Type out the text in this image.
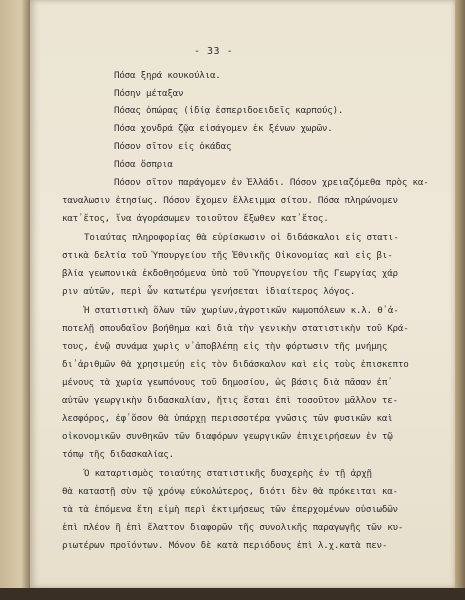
- 33 -

Πόσα ξηρά κουκούλια.

Πόσην μέταξαν

Πόσας ὀπώρας (ἰδίᾳ ἐσπεριδοειδεῖς καρπούς).

Πόσα χονδρά ζῷα εἰσάγομεν ἐκ ξένων χωρῶν.

Πόσον σῖτον εἰς ὀκάδας

Πόσα ὄσπρια

Πόσον σῖτον παράγομεν ἐν Ἑλλάδι. Πόσον χρειαζόμεθα πρὸς κα-

ταναλωσιν ἐτησίως. Πόσον ἔχομεν ἔλλειμμα σίτου. Πόσα πληρώνομεν

κατ᾽ἔτος, ἵνα ἀγοράσωμεν τοιοῦτον ἔξωθεν κατ᾽ἔτος.

Τοιαύτας πληροφορίας θὰ εὑρίσκωσιν οἱ διδάσκαλοι εἰς στατι-

στικὰ δελτία τοῦ Ὑπουργείου τῆς Ἐθνικῆς Οἰκονομίας καὶ εἰς βι-

βλία γεωπονικὰ ἐκδοθησόμενα ὑπὸ τοῦ Ὑπουργείου τῆς Γεωργίας χάρ

ριν αὐτῶν, περὶ ὧν κατωτέρω γενήσεται ἰδιαίτερος λόγος.

Ἡ στατιστικὴ ὅλων τῶν χωρίων,ἀγροτικῶν κωμοπόλεων κ.λ. θ᾽ἀ-

ποτελῇ σπουδαῖον βοήθημα καὶ διὰ τὴν γενικὴν στατιστικὴν τοῦ Κρά-

τους, ἐνῷ συνάμα χωρὶς ν᾽ἀποβλέπῃ εἰς τὴν φόρτωσιν τῆς μνήμης

δι᾽ἀριθμῶν θὰ χρησιμεύῃ εἰς τὸν διδάσκαλον καὶ εἰς τοὺς ἐπισκεπτο

μένους τὰ χωρία γεωπόνους τοῦ δημοσίου, ὡς βάσις διὰ πᾶσαν ἐπ᾽

αὐτῶν γεωργικὴν διδασκαλίαν, ἥτις ἔσται ἐπὶ τοσοῦτον μᾶλλον τε-

λεσφόρος, ἐφ᾽ὅσον θὰ ὑπάρχῃ περισσοτέρα γνῶσις τῶν φυσικῶν καὶ

οἰκονομικῶν συνθηκῶν τῶν διαφόρων γεωργικῶν ἐπιχειρήσεων ἐν τῷ

τόπῳ τῆς διδασκαλίας.

Ὁ καταρτισμὸς τοιαύτης στατιστικῆς δυσχερὴς ἐν τῇ ἀρχῇ

θὰ καταστῇ σὺν τῷ χρόνῳ εὐκολώτερος, διότι δὲν θὰ πρόκειται κα-

τὰ τὰ ἑπόμενα ἔτη εἰμὴ περὶ ἐκτιμήσεως τῶν ἐπερχομένων οὐσιωδῶν

ἐπὶ πλέον ἢ ἐπὶ ἔλαττον διαφορῶν τῆς συνολικῆς παραγωγῆς τῶν κυ-

ριωτέρων προϊόντων. Μόνον δὲ κατὰ περιόδους ἐπὶ λ.χ.κατὰ πεν-
